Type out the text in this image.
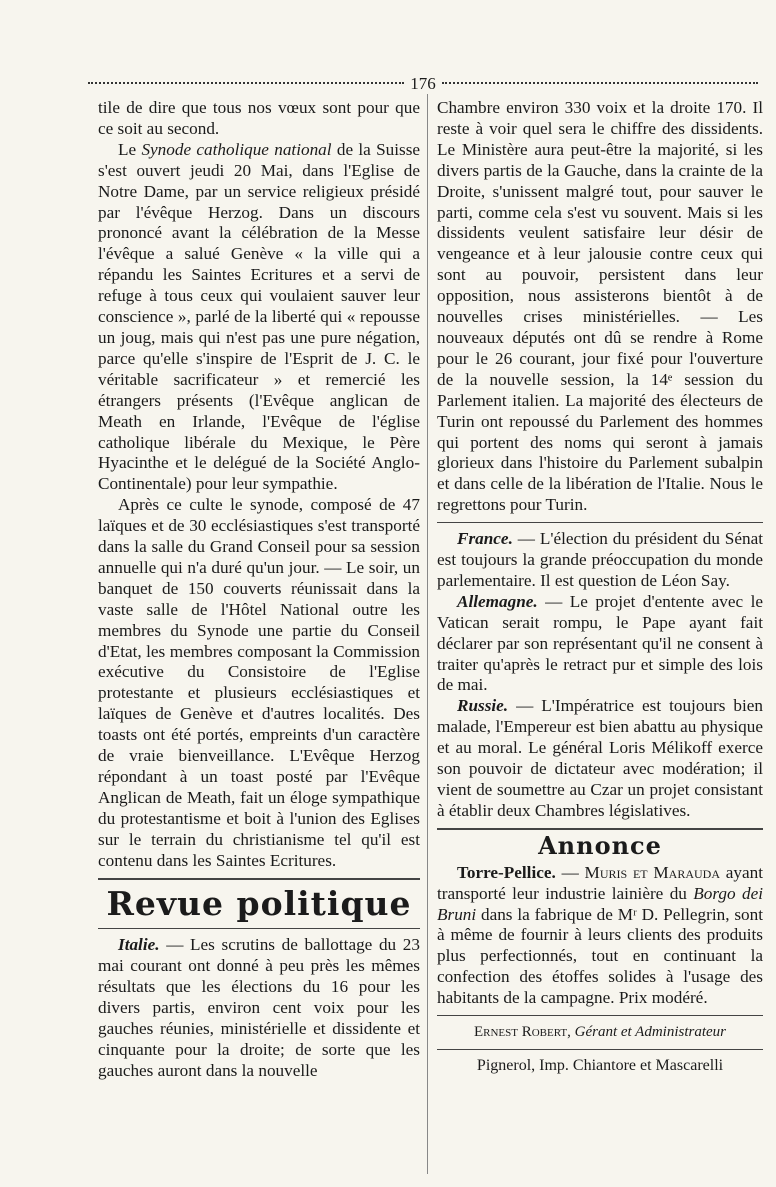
176

tile de dire que tous nos vœux sont pour que ce soit au second.

Le Synode catholique national de la Suisse s'est ouvert jeudi 20 Mai, dans l'Eglise de Notre Dame, par un service religieux présidé par l'évêque Herzog. Dans un discours prononcé avant la célébration de la Messe l'évêque a salué Genève « la ville qui a répandu les Saintes Ecritures et a servi de refuge à tous ceux qui voulaient sauver leur conscience », parlé de la liberté qui « repousse un joug, mais qui n'est pas une pure négation, parce qu'elle s'inspire de l'Esprit de J. C. le véritable sacrificateur » et remercié les étrangers présents (l'Evêque anglican de Meath en Irlande, l'Evêque de l'église catholique libérale du Mexique, le Père Hyacinthe et le delégué de la Société Anglo-Continentale) pour leur sympathie.

Après ce culte le synode, composé de 47 laïques et de 30 ecclésiastiques s'est transporté dans la salle du Grand Conseil pour sa session annuelle qui n'a duré qu'un jour. — Le soir, un banquet de 150 couverts réunissait dans la vaste salle de l'Hôtel National outre les membres du Synode une partie du Conseil d'Etat, les membres composant la Commission exécutive du Consistoire de l'Eglise protestante et plusieurs ecclésiastiques et laïques de Genève et d'autres localités. Des toasts ont été portés, empreints d'un caractère de vraie bienveillance. L'Evêque Herzog répondant à un toast posté par l'Evêque Anglican de Meath, fait un éloge sympathique du protestantisme et boit à l'union des Eglises sur le terrain du christianisme tel qu'il est contenu dans les Saintes Ecritures.

Revue politique

Italie. — Les scrutins de ballottage du 23 mai courant ont donné à peu près les mêmes résultats que les élections du 16 pour les divers partis, environ cent voix pour les gauches réunies, ministérielle et dissidente et cinquante pour la droite; de sorte que les gauches auront dans la nouvelle

Chambre environ 330 voix et la droite 170. Il reste à voir quel sera le chiffre des dissidents. Le Ministère aura peut-être la majorité, si les divers partis de la Gauche, dans la crainte de la Droite, s'unissent malgré tout, pour sauver le parti, comme cela s'est vu souvent. Mais si les dissidents veulent satisfaire leur désir de vengeance et à leur jalousie contre ceux qui sont au pouvoir, persistent dans leur opposition, nous assisterons bientôt à de nouvelles crises ministérielles. — Les nouveaux députés ont dû se rendre à Rome pour le 26 courant, jour fixé pour l'ouverture de la nouvelle session, la 14ᵉ session du Parlement italien. La majorité des électeurs de Turin ont repoussé du Parlement des hommes qui portent des noms qui seront à jamais glorieux dans l'histoire du Parlement subalpin et dans celle de la libération de l'Italie. Nous le regrettons pour Turin.

France. — L'élection du président du Sénat est toujours la grande préoccupation du monde parlementaire. Il est question de Léon Say.

Allemagne. — Le projet d'entente avec le Vatican serait rompu, le Pape ayant fait déclarer par son représentant qu'il ne consent à traiter qu'après le retract pur et simple des lois de mai.

Russie. — L'Impératrice est toujours bien malade, l'Empereur est bien abattu au physique et au moral. Le général Loris Mélikoff exerce son pouvoir de dictateur avec modération; il vient de soumettre au Czar un projet consistant à établir deux Chambres législatives.

Annonce

Torre-Pellice. — Muris et Marauda ayant transporté leur industrie lainière du Borgo dei Bruni dans la fabrique de Mʳ D. Pellegrin, sont à même de fournir à leurs clients des produits plus perfectionnés, tout en continuant la confection des étoffes solides à l'usage des habitants de la campagne. Prix modéré.

Ernest Robert, Gérant et Administrateur
Pignerol, Imp. Chiantore et Mascarelli
